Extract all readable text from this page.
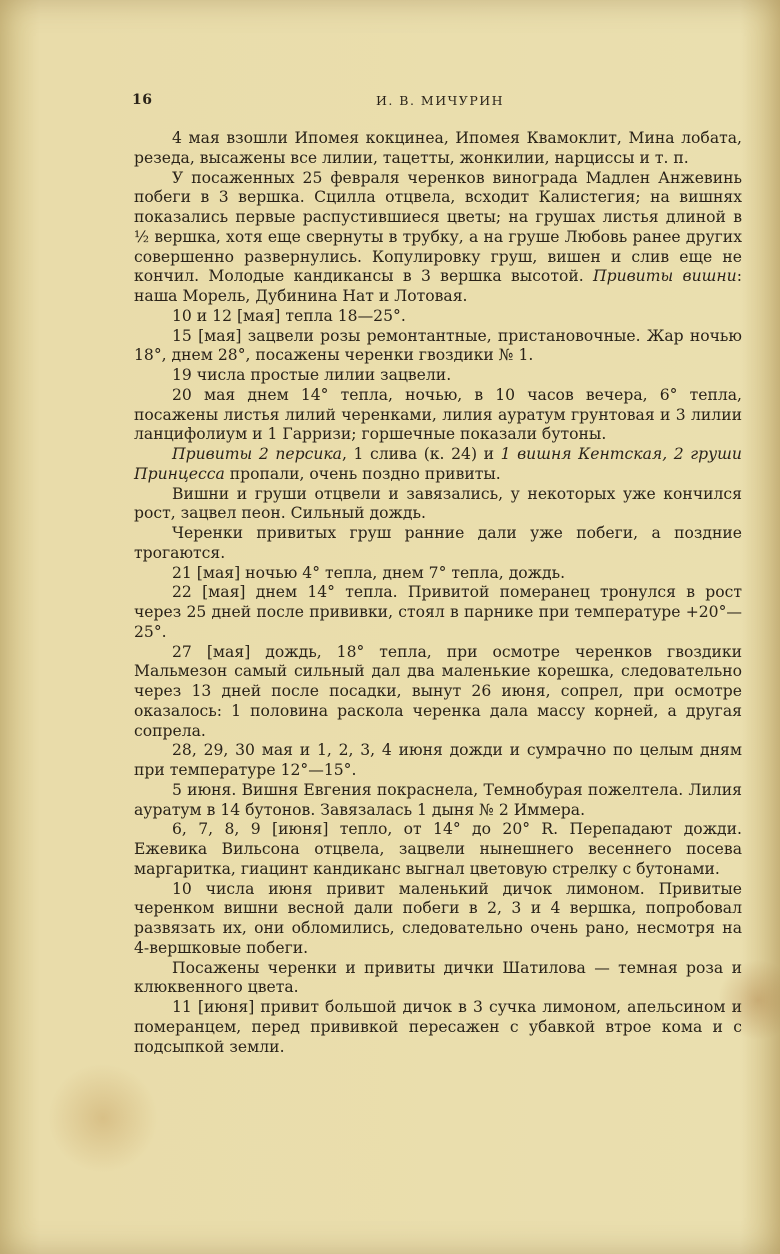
16	И. В. МИЧУРИН

4 мая взошли Ипомея кокцинеа, Ипомея Квамоклит, Мина лобата, резеда, высажены все лилии, тацетты, жонкилии, нарциссы и т. п.

У посаженных 25 февраля черенков винограда Мадлен Анжевинь побеги в 3 вершка. Сцилла отцвела, всходит Калистегия; на вишнях показались первые распустившиеся цветы; на грушах листья длиной в ½ вершка, хотя еще свернуты в трубку, а на груше Любовь ранее других совершенно развернулись. Копулировку груш, вишен и слив еще не кончил. Молодые кандикансы в 3 вершка высотой. Привиты вишни: наша Морель, Дубинина Нат и Лотовая.

10 и 12 [мая] тепла 18—25°.

15 [мая] зацвели розы ремонтантные, пристановочные. Жар ночью 18°, днем 28°, посажены черенки гвоздики № 1.

19 числа простые лилии зацвели.

20 мая днем 14° тепла, ночью, в 10 часов вечера, 6° тепла, посажены листья лилий черенками, лилия ауратум грунтовая и 3 лилии ланцифолиум и 1 Гарризи; горшечные показали бутоны.

Привиты 2 персика, 1 слива (к. 24) и 1 вишня Кентская, 2 груши Принцесса пропали, очень поздно привиты.

Вишни и груши отцвели и завязались, у некоторых уже кончился рост, зацвел пеон. Сильный дождь.

Черенки привитых груш ранние дали уже побеги, а поздние трогаются.

21 [мая] ночью 4° тепла, днем 7° тепла, дождь.

22 [мая] днем 14° тепла. Привитой померанец тронулся в рост через 25 дней после прививки, стоял в парнике при температуре +20°—25°.

27 [мая] дождь, 18° тепла, при осмотре черенков гвоздики Мальмезон самый сильный дал два маленькие корешка, следовательно через 13 дней после посадки, вынут 26 июня, сопрел, при осмотре оказалось: 1 половина раскола черенка дала массу корней, а другая сопрела.

28, 29, 30 мая и 1, 2, 3, 4 июня дожди и сумрачно по целым дням при температуре 12°—15°.

5 июня. Вишня Евгения покраснела, Темнобурая пожелтела. Лилия ауратум в 14 бутонов. Завязалась 1 дыня № 2 Иммера.

6, 7, 8, 9 [июня] тепло, от 14° до 20° R. Перепадают дожди. Ежевика Вильсона отцвела, зацвели нынешнего весеннего посева маргаритка, гиацинт кандиканс выгнал цветовую стрелку с бутонами.

10 числа июня привит маленький дичок лимоном. Привитые черенком вишни весной дали побеги в 2, 3 и 4 вершка, попробовал развязать их, они обломились, следовательно очень рано, несмотря на 4-вершковые побеги.

Посажены черенки и привиты дички Шатилова — темная роза и клюквенного цвета.

11 [июня] привит большой дичок в 3 сучка лимоном, апельсином и померанцем, перед прививкой пересажен с убавкой втрое кома и с подсыпкой земли.
